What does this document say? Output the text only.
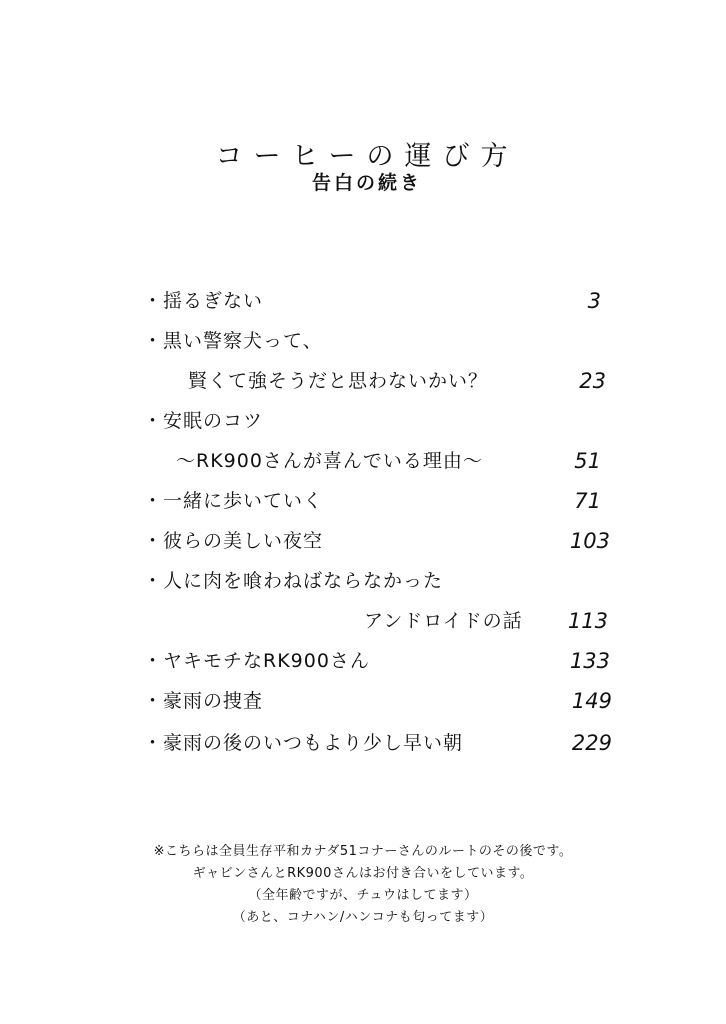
コーヒーの運び方
告白の続き
・揺るぎない	3
・黒い警察犬って、
賢くて強そうだと思わないかい？	23
・安眠のコツ
〜RK900さんが喜んでいる理由〜	51
・一緒に歩いていく	71
・彼らの美しい夜空	103
・人に肉を喰わねばならなかった
アンドロイドの話	113
・ヤキモチなRK900さん	133
・豪雨の捜査	149
・豪雨の後のいつもより少し早い朝	229
※こちらは全員生存平和カナダ51コナーさんのルートのその後です。
ギャビンさんとRK900さんはお付き合いをしています。
（全年齢ですが、チュウはしてます）
（あと、コナハン/ハンコナも匂ってます）
